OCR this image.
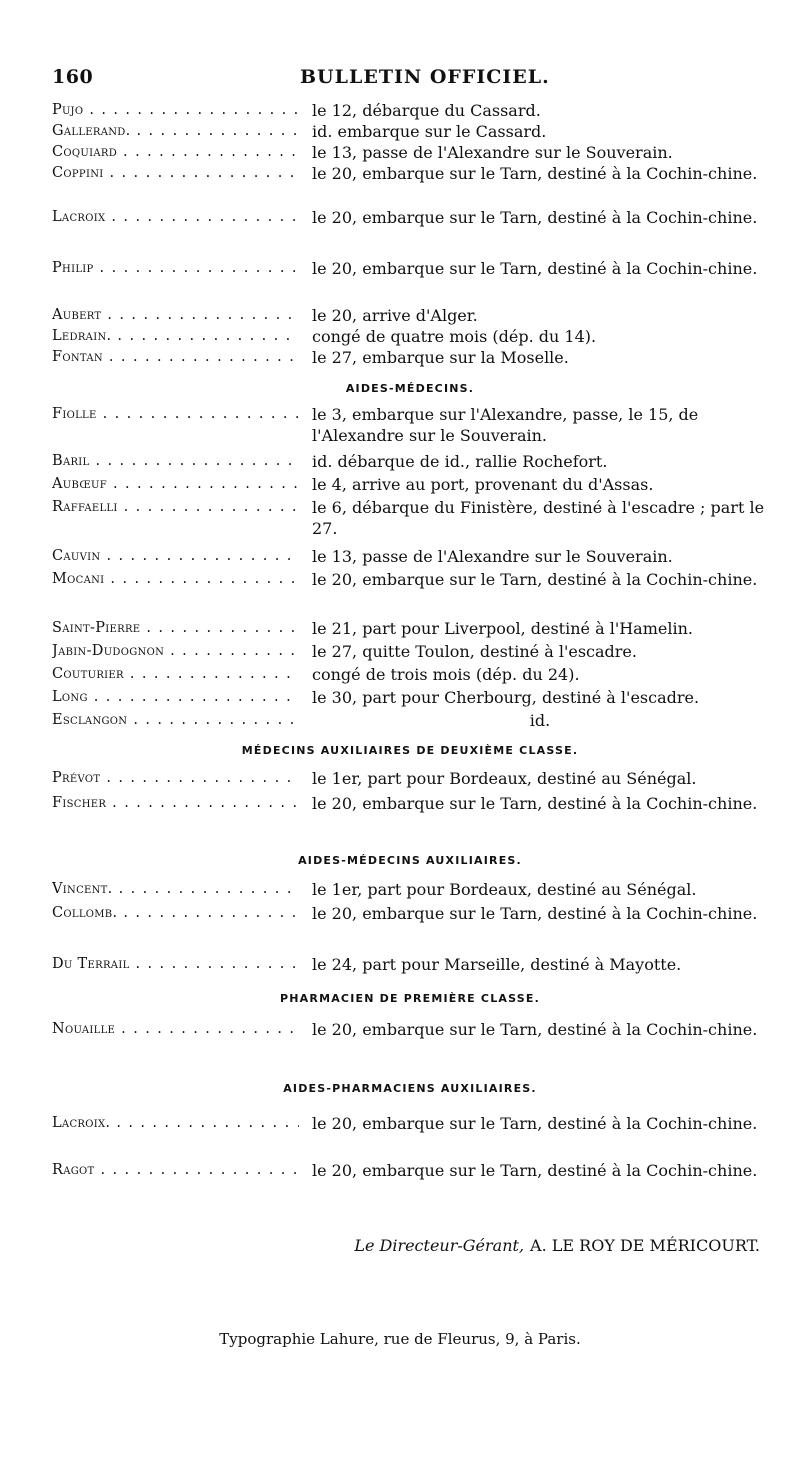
160	BULLETIN OFFICIEL.
Pujo . . .	le 12, débarque du Cassard.
Gallerand. . . .	id. embarque sur le Cassard.
Coquiard . . .	le 13, passe de l'Alexandre sur le Souverain.
Coppini . . .	le 20, embarque sur le Tarn, destiné à la Cochin-chine.
Lacroix . . .	le 20, embarque sur le Tarn, destiné à la Cochin-chine.
Philip . . .	le 20, embarque sur le Tarn, destiné à la Cochin-chine.
Aubert . . .	le 20, arrive d'Alger.
Ledrain. . . .	congé de quatre mois (dép. du 14).
Fontan . . .	le 27, embarque sur la Moselle.
AIDES-MÉDECINS.
Fiolle . . .	le 3, embarque sur l'Alexandre, passe, le 15, de l'Alexandre sur le Souverain.
Baril . . .	id. débarque de id., rallie Rochefort.
Aubœuf . . .	le 4, arrive au port, provenant du d'Assas.
Raffaelli . . .	le 6, débarque du Finistère, destiné à l'escadre ; part le 27.
Cauvin . . .	le 13, passe de l'Alexandre sur le Souverain.
Mocani . . .	le 20, embarque sur le Tarn, destiné à la Cochin-chine.
Saint-Pierre . . .	le 21, part pour Liverpool, destiné à l'Hamelin.
Jabin-Dudognon . . .	le 27, quitte Toulon, destiné à l'escadre.
Couturier . . .	congé de trois mois (dép. du 24).
Long . . .	le 30, part pour Cherbourg, destiné à l'escadre.
Esclangon . . .	id.
MÉDECINS AUXILIAIRES DE DEUXIÈME CLASSE.
Prévot . . .	le 1er, part pour Bordeaux, destiné au Sénégal.
Fischer . . .	le 20, embarque sur le Tarn, destiné à la Cochin-chine.
AIDES-MÉDECINS AUXILIAIRES.
Vincent. . . .	le 1er, part pour Bordeaux, destiné au Sénégal.
Collomb. . . .	le 20, embarque sur le Tarn, destiné à la Cochin-chine.
Du Terrail . . .	le 24, part pour Marseille, destiné à Mayotte.
PHARMACIEN DE PREMIÈRE CLASSE.
Nouaille . . .	le 20, embarque sur le Tarn, destiné à la Cochin-chine.
AIDES-PHARMACIENS AUXILIAIRES.
Lacroix. . . .	le 20, embarque sur le Tarn, destiné à la Cochin-chine.
Ragot . . .	le 20, embarque sur le Tarn, destiné à la Cochin-chine.
Le Directeur-Gérant, A. LE ROY DE MÉRICOURT.
Typographie Lahure, rue de Fleurus, 9, à Paris.
